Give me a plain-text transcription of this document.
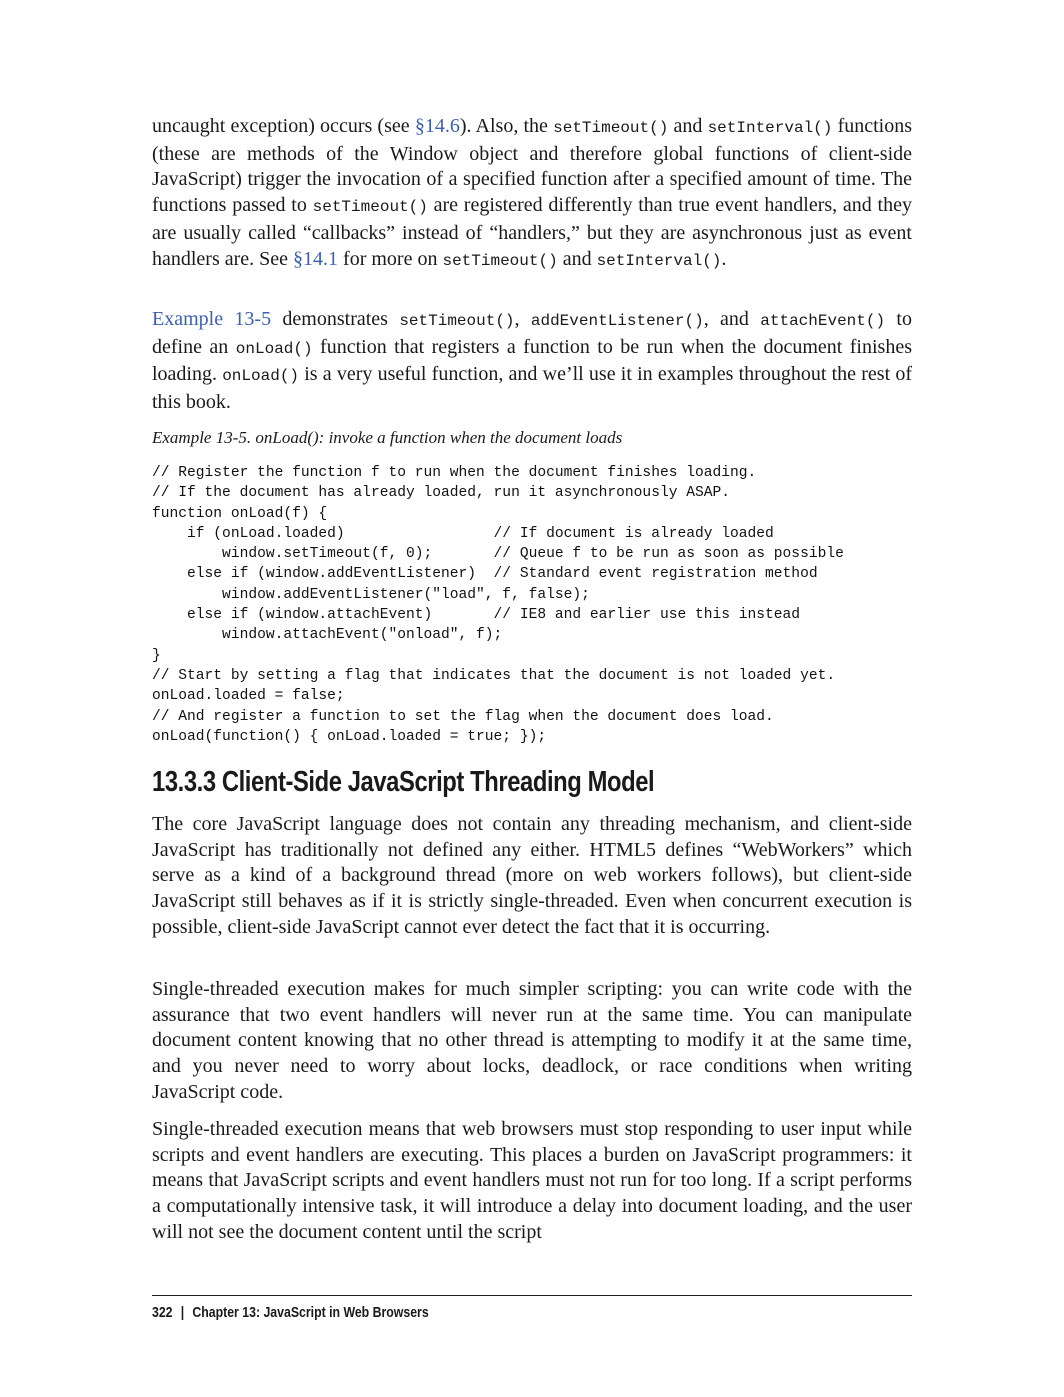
uncaught exception) occurs (see §14.6). Also, the setTimeout() and setInterval() functions (these are methods of the Window object and therefore global functions of client-side JavaScript) trigger the invocation of a specified function after a specified amount of time. The functions passed to setTimeout() are registered differently than true event handlers, and they are usually called “callbacks” instead of “handlers,” but they are asynchronous just as event handlers are. See §14.1 for more on setTimeout() and setInterval().

Example 13-5 demonstrates setTimeout(), addEventListener(), and attachEvent() to define an onLoad() function that registers a function to be run when the document finishes loading. onLoad() is a very useful function, and we’ll use it in examples throughout the rest of this book.

Example 13-5. onLoad(): invoke a function when the document loads
// Register the function f to run when the document finishes loading.
// If the document has already loaded, run it asynchronously ASAP.
function onLoad(f) {
if (onLoad.loaded)                 // If document is already loaded
window.setTimeout(f, 0);       // Queue f to be run as soon as possible
else if (window.addEventListener)  // Standard event registration method
window.addEventListener("load", f, false);
else if (window.attachEvent)       // IE8 and earlier use this instead
window.attachEvent("onload", f);
}
// Start by setting a flag that indicates that the document is not loaded yet.
onLoad.loaded = false;
// And register a function to set the flag when the document does load.
onLoad(function() { onLoad.loaded = true; });
13.3.3 Client-Side JavaScript Threading Model

The core JavaScript language does not contain any threading mechanism, and client-side JavaScript has traditionally not defined any either. HTML5 defines “WebWorkers” which serve as a kind of a background thread (more on web workers follows), but client-side JavaScript still behaves as if it is strictly single-threaded. Even when concurrent execution is possible, client-side JavaScript cannot ever detect the fact that it is occurring.

Single-threaded execution makes for much simpler scripting: you can write code with the assurance that two event handlers will never run at the same time. You can manipulate document content knowing that no other thread is attempting to modify it at the same time, and you never need to worry about locks, deadlock, or race conditions when writing JavaScript code.

Single-threaded execution means that web browsers must stop responding to user input while scripts and event handlers are executing. This places a burden on JavaScript programmers: it means that JavaScript scripts and event handlers must not run for too long. If a script performs a computationally intensive task, it will introduce a delay into document loading, and the user will not see the document content until the script

322 | Chapter 13: JavaScript in Web Browsers
